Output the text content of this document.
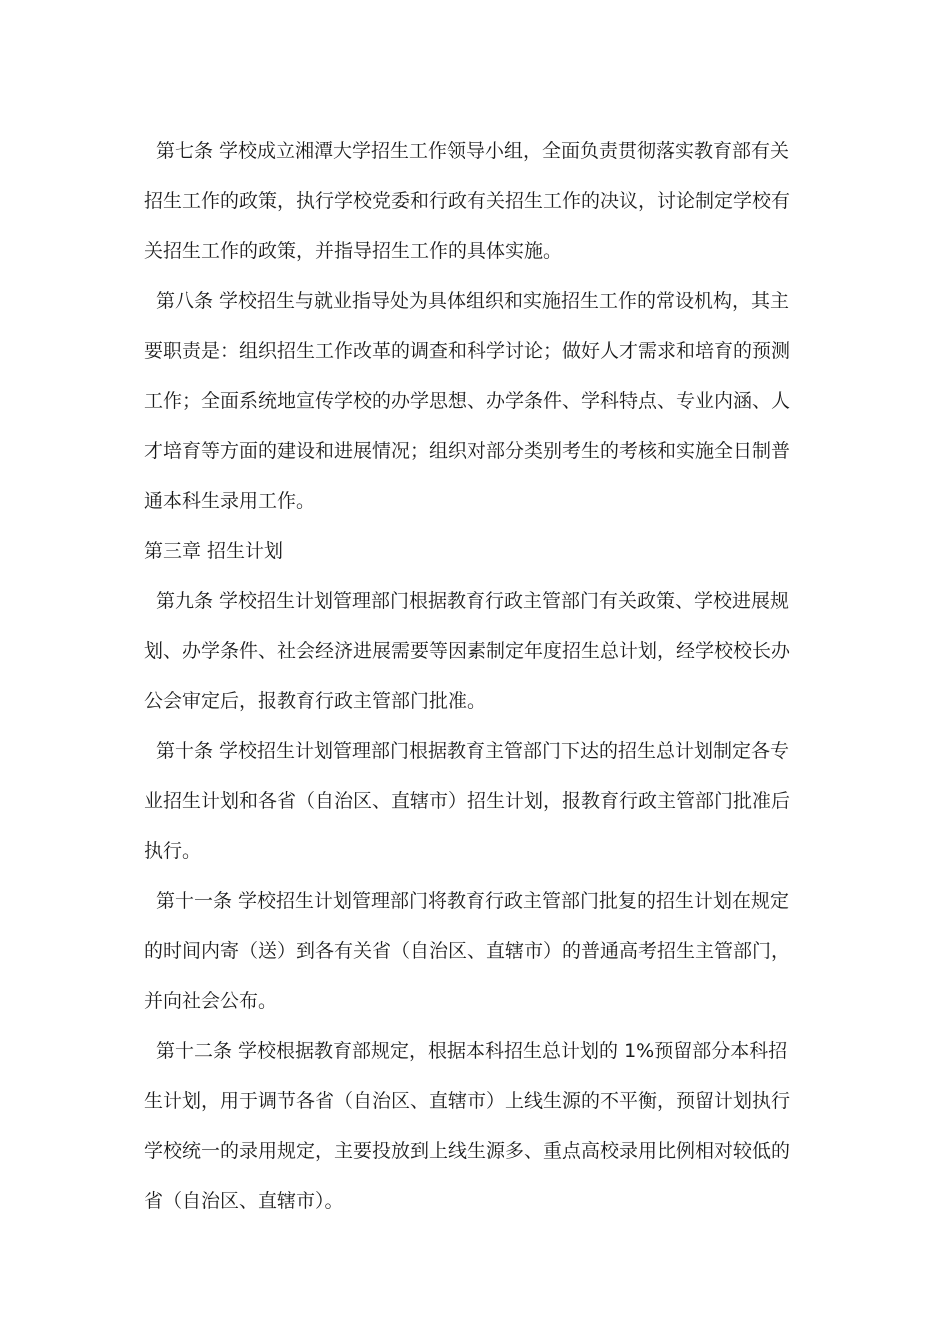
第七条 学校成立湘潭大学招生工作领导小组，全面负责贯彻落实教育部有关
招生工作的政策，执行学校党委和行政有关招生工作的决议，讨论制定学校有
关招生工作的政策，并指导招生工作的具体实施。
第八条 学校招生与就业指导处为具体组织和实施招生工作的常设机构，其主
要职责是：组织招生工作改革的调查和科学讨论；做好人才需求和培育的预测
工作；全面系统地宣传学校的办学思想、办学条件、学科特点、专业内涵、人
才培育等方面的建设和进展情况；组织对部分类别考生的考核和实施全日制普
通本科生录用工作。
第三章 招生计划
第九条 学校招生计划管理部门根据教育行政主管部门有关政策、学校进展规
划、办学条件、社会经济进展需要等因素制定年度招生总计划，经学校校长办
公会审定后，报教育行政主管部门批准。
第十条 学校招生计划管理部门根据教育主管部门下达的招生总计划制定各专
业招生计划和各省（自治区、直辖市）招生计划，报教育行政主管部门批准后
执行。
第十一条 学校招生计划管理部门将教育行政主管部门批复的招生计划在规定
的时间内寄（送）到各有关省（自治区、直辖市）的普通高考招生主管部门，
并向社会公布。
第十二条 学校根据教育部规定，根据本科招生总计划的 1%预留部分本科招
生计划，用于调节各省（自治区、直辖市）上线生源的不平衡，预留计划执行
学校统一的录用规定，主要投放到上线生源多、重点高校录用比例相对较低的
省（自治区、直辖市）。
